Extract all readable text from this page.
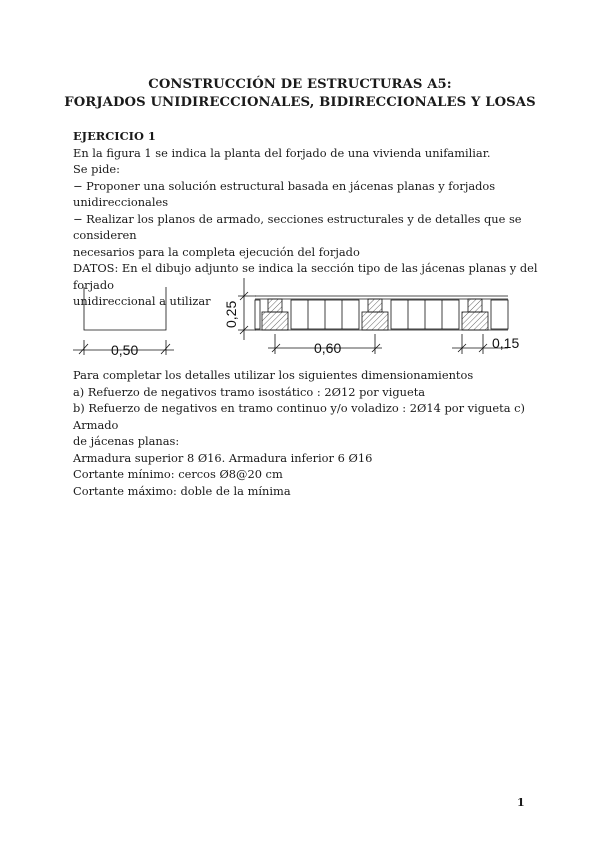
CONSTRUCCIÓN DE ESTRUCTURAS A5:
FORJADOS UNIDIRECCIONALES, BIDIRECCIONALES Y LOSAS
EJERCICIO 1
En la figura 1 se indica la planta del forjado de una vivienda unifamiliar.
Se pide:
− Proponer una solución estructural basada en jácenas planas y forjados
unidireccionales
− Realizar los planos de armado, secciones estructurales y de detalles que se consideren
necesarios para la completa ejecución del forjado
DATOS: En el dibujo adjunto se indica la sección tipo de las jácenas planas y del forjado
unidireccional a utilizar
0,50
0,25
0,60	0,15
Para completar los detalles utilizar los siguientes dimensionamientos
a) Refuerzo de negativos tramo isostático : 2Ø12 por vigueta
b) Refuerzo de negativos en tramo continuo y/o voladizo : 2Ø14 por vigueta c) Armado
de jácenas planas:
Armadura superior 8 Ø16. Armadura inferior 6 Ø16
Cortante mínimo: cercos Ø8@20 cm
Cortante máximo: doble de la mínima
1
